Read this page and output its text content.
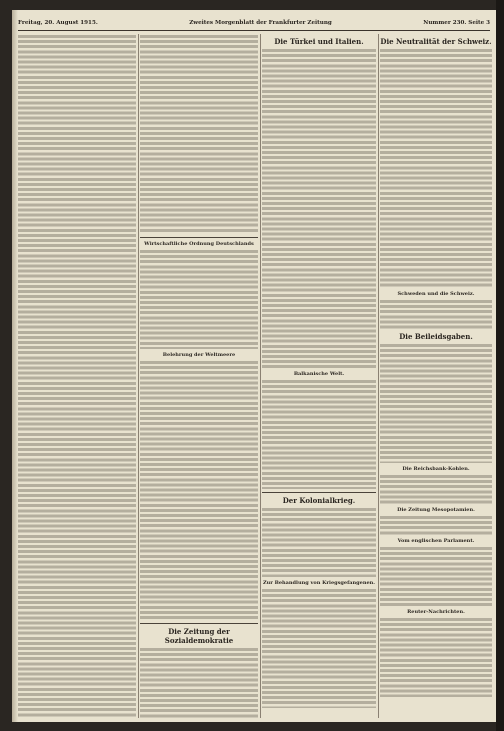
Freitag, 20. August 1915.	Zweites Morgenblatt der Frankfurter Zeitung	Nummer 230. Seite 3
Wirtschaftliche Ordnung Deutschlands
Belehrung der Weltmeere
Die Zeitung der Sozialdemokratie
Die Türkei und Italien.
Balkanische Welt.
Der Kolonialkrieg.
Zur Behandlung von Kriegsgefangenen.
Die Neutralität der Schweiz.
Schweden und die Schweiz.
Die Beileidsgaben.
Die Reichsbank-Kohlen.
Die Zeitung Mesopotamien.
Vom englischen Parlament.
Reuter-Nachrichten.
